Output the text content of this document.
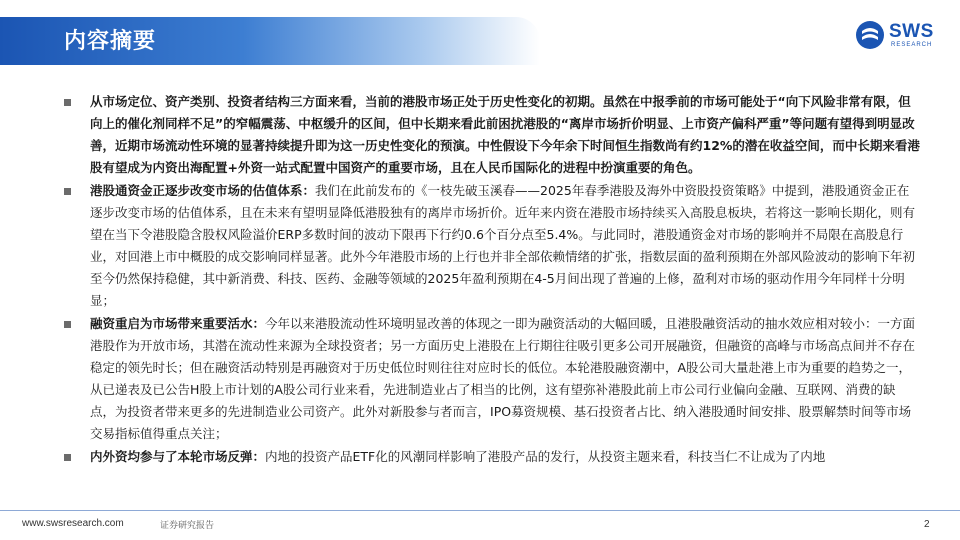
内容摘要	SWS
RESEARCH
从市场定位、资产类别、投资者结构三方面来看，当前的港股市场正处于历史性变化的初期。虽然在中报季前的市场可能处于“向下风险非常有限，但向上的催化剂同样不足”的窄幅震荡、中枢缓升的区间，但中长期来看此前困扰港股的“离岸市场折价明显、上市资产偏科严重”等问题有望得到明显改善，近期市场流动性环境的显著持续提升即为这一历史性变化的预演。中性假设下今年余下时间恒生指数尚有约12%的潜在收益空间，而中长期来看港股有望成为内资出海配置+外资一站式配置中国资产的重要市场，且在人民币国际化的进程中扮演重要的角色。
港股通资金正逐步改变市场的估值体系：我们在此前发布的《一枝先破玉溪春——2025年春季港股及海外中资股投资策略》中提到，港股通资金正在逐步改变市场的估值体系，且在未来有望明显降低港股独有的离岸市场折价。近年来内资在港股市场持续买入高股息板块，若将这一影响长期化，则有望在当下令港股隐含股权风险溢价ERP多数时间的波动下限再下行约0.6个百分点至5.4%。与此同时，港股通资金对市场的影响并不局限在高股息行业，对回港上市中概股的成交影响同样显著。此外今年港股市场的上行也并非全部依赖情绪的扩张，指数层面的盈利预期在外部风险波动的影响下年初至今仍然保持稳健，其中新消费、科技、医药、金融等领域的2025年盈利预期在4-5月间出现了普遍的上修，盈利对市场的驱动作用今年同样十分明显；
融资重启为市场带来重要活水：今年以来港股流动性环境明显改善的体现之一即为融资活动的大幅回暖，且港股融资活动的抽水效应相对较小：一方面港股作为开放市场，其潜在流动性来源为全球投资者；另一方面历史上港股在上行期往往吸引更多公司开展融资，但融资的高峰与市场高点间并不存在稳定的领先时长；但在融资活动特别是再融资对于历史低位时则往往对应时长的低位。本轮港股融资潮中，A股公司大量赴港上市为重要的趋势之一，从已递表及已公告H股上市计划的A股公司行业来看，先进制造业占了相当的比例，这有望弥补港股此前上市公司行业偏向金融、互联网、消费的缺点，为投资者带来更多的先进制造业公司资产。此外对新股参与者而言，IPO募资规模、基石投资者占比、纳入港股通时间安排、股票解禁时间等市场交易指标值得重点关注；
内外资均参与了本轮市场反弹：内地的投资产品ETF化的风潮同样影响了港股产品的发行，从投资主题来看，科技当仁不让成为了内地
www.swsresearch.com	证券研究报告	2
